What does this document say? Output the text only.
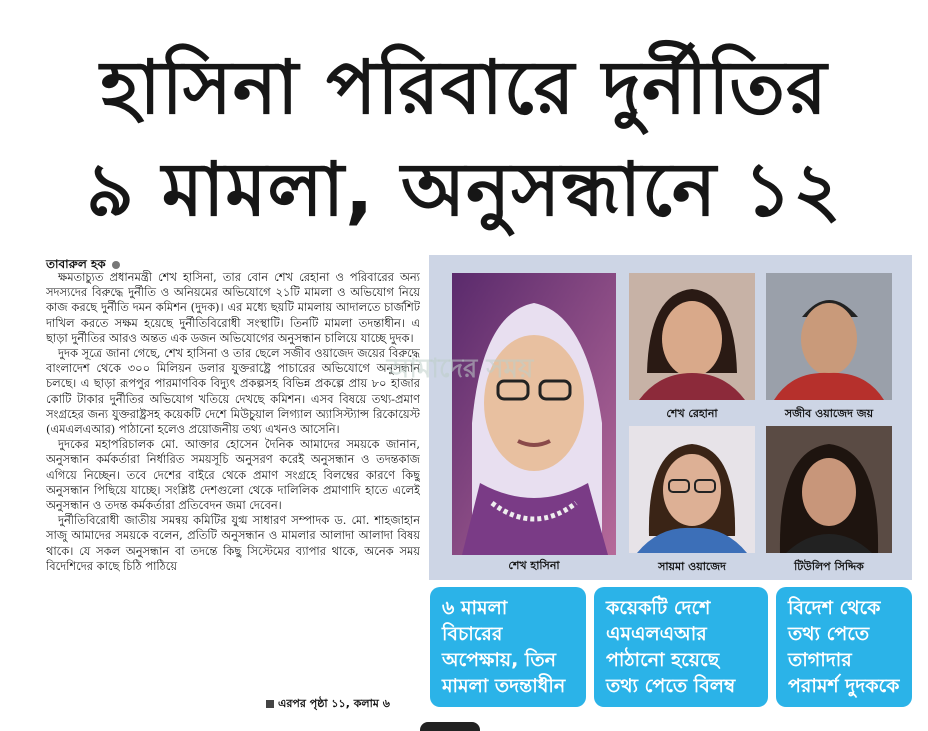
হাসিনা পরিবারে দুর্নীতির
৯ মামলা, অনুসন্ধানে ১২
তাবারুল হক

ক্ষমতাচ্যুত প্রধানমন্ত্রী শেখ হাসিনা, তার বোন শেখ রেহানা ও পরিবারের অন্য সদস্যদের বিরুদ্ধে দুর্নীতি ও অনিয়মের অভিযোগে ২১টি মামলা ও অভিযোগ নিয়ে কাজ করছে দুর্নীতি দমন কমিশন (দুদক)। এর মধ্যে ছয়টি মামলায় আদালতে চার্জশিট দাখিল করতে সক্ষম হয়েছে দুর্নীতিবিরোধী সংস্থাটি। তিনটি মামলা তদন্তাধীন। এ ছাড়া দুর্নীতির আরও অন্তত এক ডজন অভিযোগের অনুসন্ধান চালিয়ে যাচ্ছে দুদক।

দুদক সূত্রে জানা গেছে, শেখ হাসিনা ও তার ছেলে সজীব ওয়াজেদ জয়ের বিরুদ্ধে বাংলাদেশ থেকে ৩০০ মিলিয়ন ডলার যুক্তরাষ্ট্রে পাচারের অভিযোগে অনুসন্ধান চলছে। এ ছাড়া রূপপুর পারমাণবিক বিদ্যুৎ প্রকল্পসহ বিভিন্ন প্রকল্পে প্রায় ৮০ হাজার কোটি টাকার দুর্নীতির অভিযোগ খতিয়ে দেখছে কমিশন। এসব বিষয়ে তথ্য-প্রমাণ সংগ্রহের জন্য যুক্তরাষ্ট্রসহ কয়েকটি দেশে মিউচুয়াল লিগ্যাল অ্যাসিস্ট্যান্স রিকোয়েস্ট (এমএলএআর) পাঠানো হলেও প্রয়োজনীয় তথ্য এখনও আসেনি।

দুদকের মহাপরিচালক মো. আক্তার হোসেন দৈনিক আমাদের সময়কে জানান, অনুসন্ধান কর্মকর্তারা নির্ধারিত সময়সূচি অনুসরণ করেই অনুসন্ধান ও তদন্তকাজ এগিয়ে নিচ্ছেন। তবে দেশের বাইরে থেকে প্রমাণ সংগ্রহে বিলম্বের কারণে কিছু অনুসন্ধান পিছিয়ে যাচ্ছে। সংশ্লিষ্ট দেশগুলো থেকে দালিলিক প্রমাণাদি হাতে এলেই অনুসন্ধান ও তদন্ত কর্মকর্তারা প্রতিবেদন জমা দেবেন।

দুর্নীতিবিরোধী জাতীয় সমন্বয় কমিটির যুগ্ম সাধারণ সম্পাদক ড. মো. শাহজাহান সাজু আমাদের সময়কে বলেন, প্রতিটি অনুসন্ধান ও মামলার আলাদা আলাদা বিষয় থাকে। যে সকল অনুসন্ধান বা তদন্তে কিছু সিস্টেমের ব্যাপার থাকে, অনেক সময় বিদেশিদের কাছে চিঠি পাঠিয়ে

এরপর পৃষ্ঠা ১১, কলাম ৬
শেখ হাসিনা
শেখ রেহানা	সজীব ওয়াজেদ জয়
সায়মা ওয়াজেদ	টিউলিপ সিদ্দিক
আমাদের সময়
৬ মামলা বিচারের অপেক্ষায়, তিন মামলা তদন্তাধীন
কয়েকটি দেশে এমএলএআর পাঠানো হয়েছে তথ্য পেতে বিলম্ব
বিদেশ থেকে তথ্য পেতে তাগাদার পরামর্শ দুদককে
